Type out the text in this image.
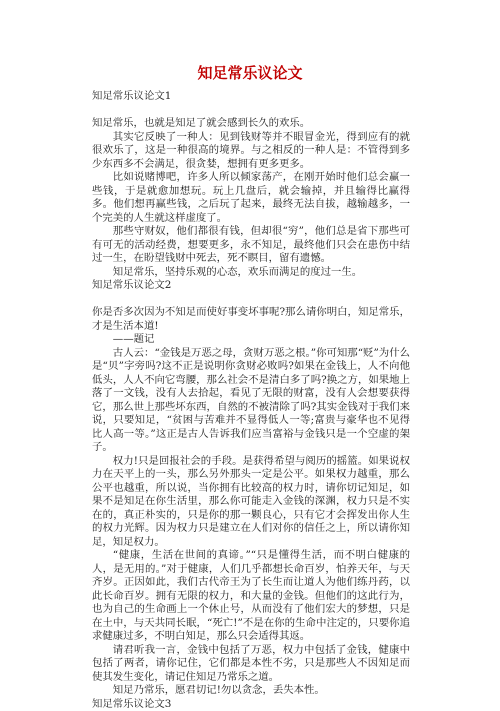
知足常乐议论文

知足常乐议论文1

知足常乐，也就是知足了就会感到长久的欢乐。

其实它反映了一种人：见到钱财等并不眼冒金光，得到应有的就很欢乐了，这是一种很高的境界。与之相反的一种人是：不管得到多少东西多不会满足，很贪婪，想拥有更多更多。

比如说赌博吧，许多人所以倾家荡产，在刚开始时他们总会赢一些钱，于是就愈加想玩。玩上几盘后，就会输掉，并且输得比赢得多。他们想再赢些钱，之后玩了起来，最终无法自拔，越输越多，一个完美的人生就这样虚度了。

那些守财奴，他们都很有钱，但却很“穷”，他们总是省下那些可有可无的活动经费，想要更多，永不知足，最终他们只会在患伤中结过一生，在盼望钱财中死去，死不瞑目，留有遗憾。

知足常乐，坚持乐观的心态，欢乐而满足的度过一生。

知足常乐议论文2

你是否多次因为不知足而使好事变坏事呢?那么请你明白，知足常乐，才是生活本道!

——题记

古人云：“金钱是万恶之母，贪财万恶之根。”你可知那“贬”为什么是“贝”字旁吗?这不正是说明你贪财必败吗?如果在金钱上，人不向他低头，人人不向它弯腰，那么社会不是清白多了吗?换之方，如果地上落了一文钱，没有人去拾起，看见了无限的财富，没有人会想要获得它，那么世上那些坏东西，自然的不被清除了吗?其实金钱对于我们来说，只要知足，“贫困与苦难并不显得低人一等;富贵与豪华也不见得比人高一等。”这正是古人告诉我们应当富裕与金钱只是一个空虚的架子。

权力!只是回报社会的手段。是获得希望与阅历的摇篮。如果说权力在天平上的一头，那么另外那头一定是公平。如果权力越重，那么公平也越重，所以说，当你拥有比较高的权力时，请你切记知足，如果不是知足在你生活里，那么你可能走入金钱的深渊，权力只是不实在的，真正朴实的，只是你的那一颗良心，只有它才会挥发出你人生的权力光辉。因为权力只是建立在人们对你的信任之上，所以请你知足，知足权力。

“健康，生活在世间的真谛。”“只是懂得生活，而不明白健康的人，是无用的。”对于健康，人们几乎都想长命百岁，怕养天年，与天齐岁。正因如此，我们古代帝王为了长生而让道人为他们练丹药，以此长命百岁。拥有无限的权力，和大量的金钱。但他们的这此行为，也为自己的生命画上一个休止号，从而没有了他们宏大的梦想，只是在土中，与天共同长眠，“死亡!”不是在你的生命中注定的，只要你追求健康过多，不明白知足，那么只会适得其返。

请君听我一言，金钱中包括了万恶，权力中包括了金钱，健康中包括了两者，请你记住，它们都是本性不劣，只是那些人不因知足而使其发生变化，请记住知足乃常乐之道。

知足乃常乐，愿君切记!勿以贪念，丢失本性。

知足常乐议论文3
